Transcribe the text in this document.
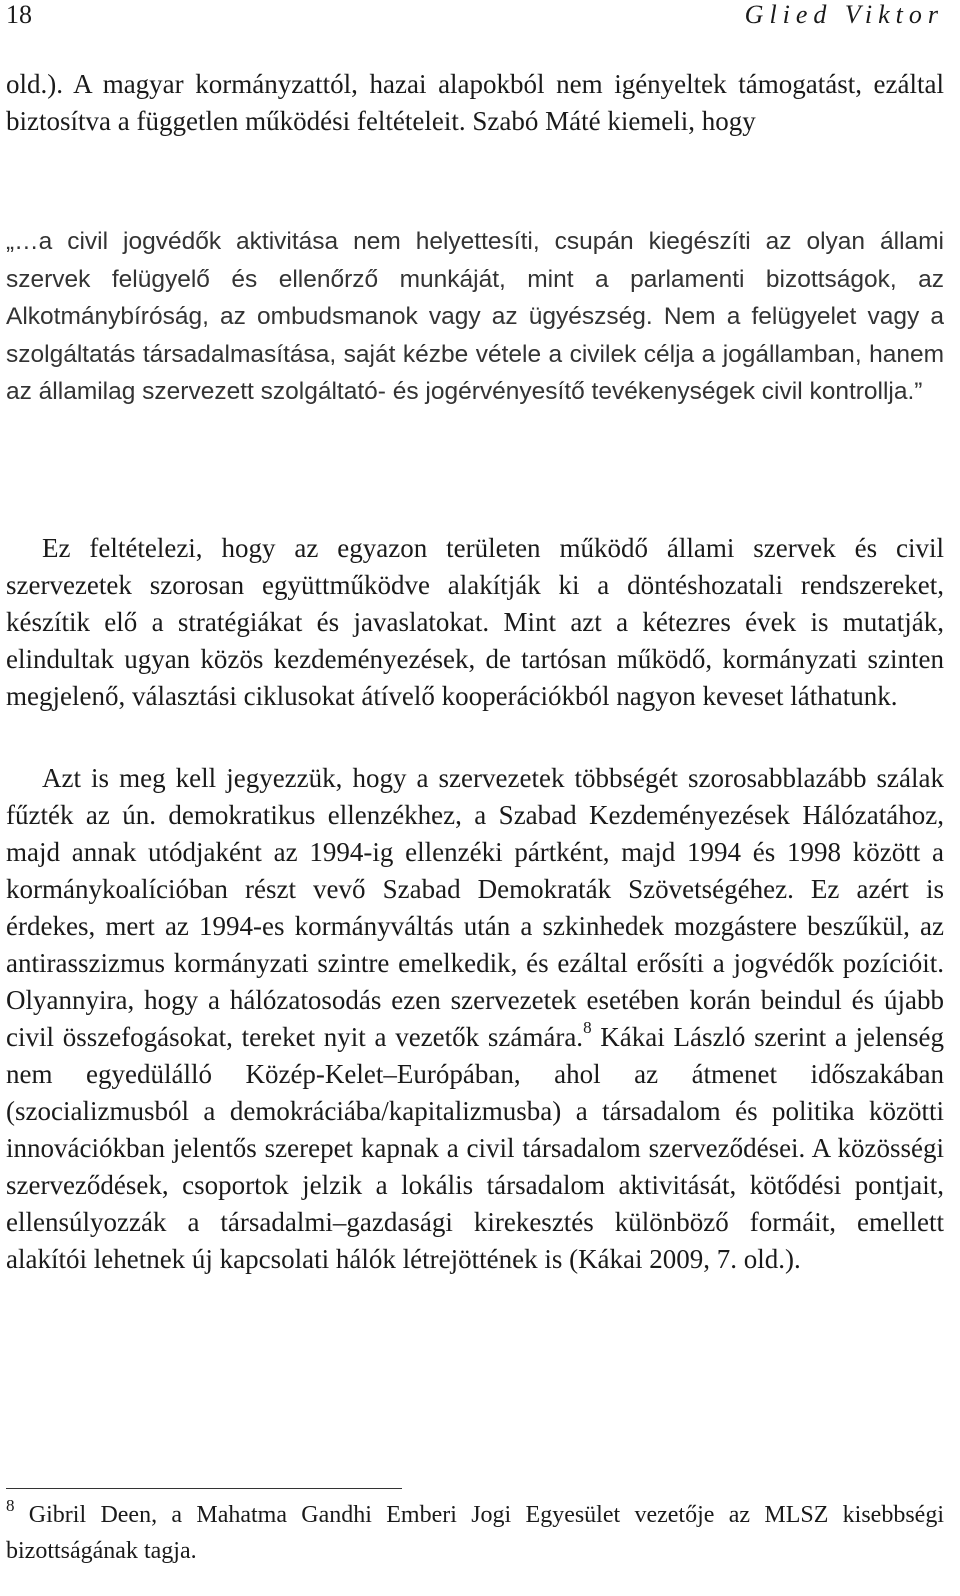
18	Glied Viktor
old.). A magyar kormányzattól, hazai alapokból nem igényeltek támogatást, ezáltal biztosítva a független működési feltételeit. Szabó Máté kiemeli, hogy
„…a civil jogvédők aktivitása nem helyettesíti, csupán kiegészíti az olyan állami szervek felügyelő és ellenőrző munkáját, mint a parlamenti bizottságok, az Alkotmánybíróság, az ombudsmanok vagy az ügyészség. Nem a felügyelet vagy a szolgáltatás társadalmasítása, saját kézbe vétele a civilek célja a jogállamban, hanem az államilag szervezett szolgáltató- és jogérvényesítő tevékenységek civil kontrollja.”
Ez feltételezi, hogy az egyazon területen működő állami szervek és civil szervezetek szorosan együttműködve alakítják ki a döntéshozatali rendszereket, készítik elő a stratégiákat és javaslatokat. Mint azt a kétezres évek is mutatják, elindultak ugyan közös kezdeményezések, de tartósan működő, kormányzati szinten megjelenő, választási ciklusokat átívelő kooperációkból nagyon keveset láthatunk.
Azt is meg kell jegyezzük, hogy a szervezetek többségét szorosabblazább szálak fűzték az ún. demokratikus ellenzékhez, a Szabad Kezdeményezések Hálózatához, majd annak utódjaként az 1994-ig ellenzéki pártként, majd 1994 és 1998 között a kormánykoalícióban részt vevő Szabad Demokraták Szövetségéhez. Ez azért is érdekes, mert az 1994-es kormányváltás után a szkinhedek mozgástere beszűkül, az antirasszizmus kormányzati szintre emelkedik, és ezáltal erősíti a jogvédők pozícióit. Olyannyira, hogy a hálózatosodás ezen szervezetek esetében korán beindul és újabb civil összefogásokat, tereket nyit a vezetők számára.$^8$ Kákai László szerint a jelenség nem egyedülálló Közép-Kelet–Európában, ahol az átmenet időszakában (szocializmusból a demokráciába/kapitalizmusba) a társadalom és politika közötti innovációkban jelentős szerepet kapnak a civil társadalom szerveződései. A közösségi szerveződések, csoportok jelzik a lokális társadalom aktivitását, kötődési pontjait, ellensúlyozzák a társadalmi–gazdasági kirekesztés különböző formáit, emellett alakítói lehetnek új kapcsolati hálók létrejöttének is (Kákai 2009, 7. old.).
$^8$ Gibril Deen, a Mahatma Gandhi Emberi Jogi Egyesület vezetője az MLSZ kisebbségi bizottságának tagja.
